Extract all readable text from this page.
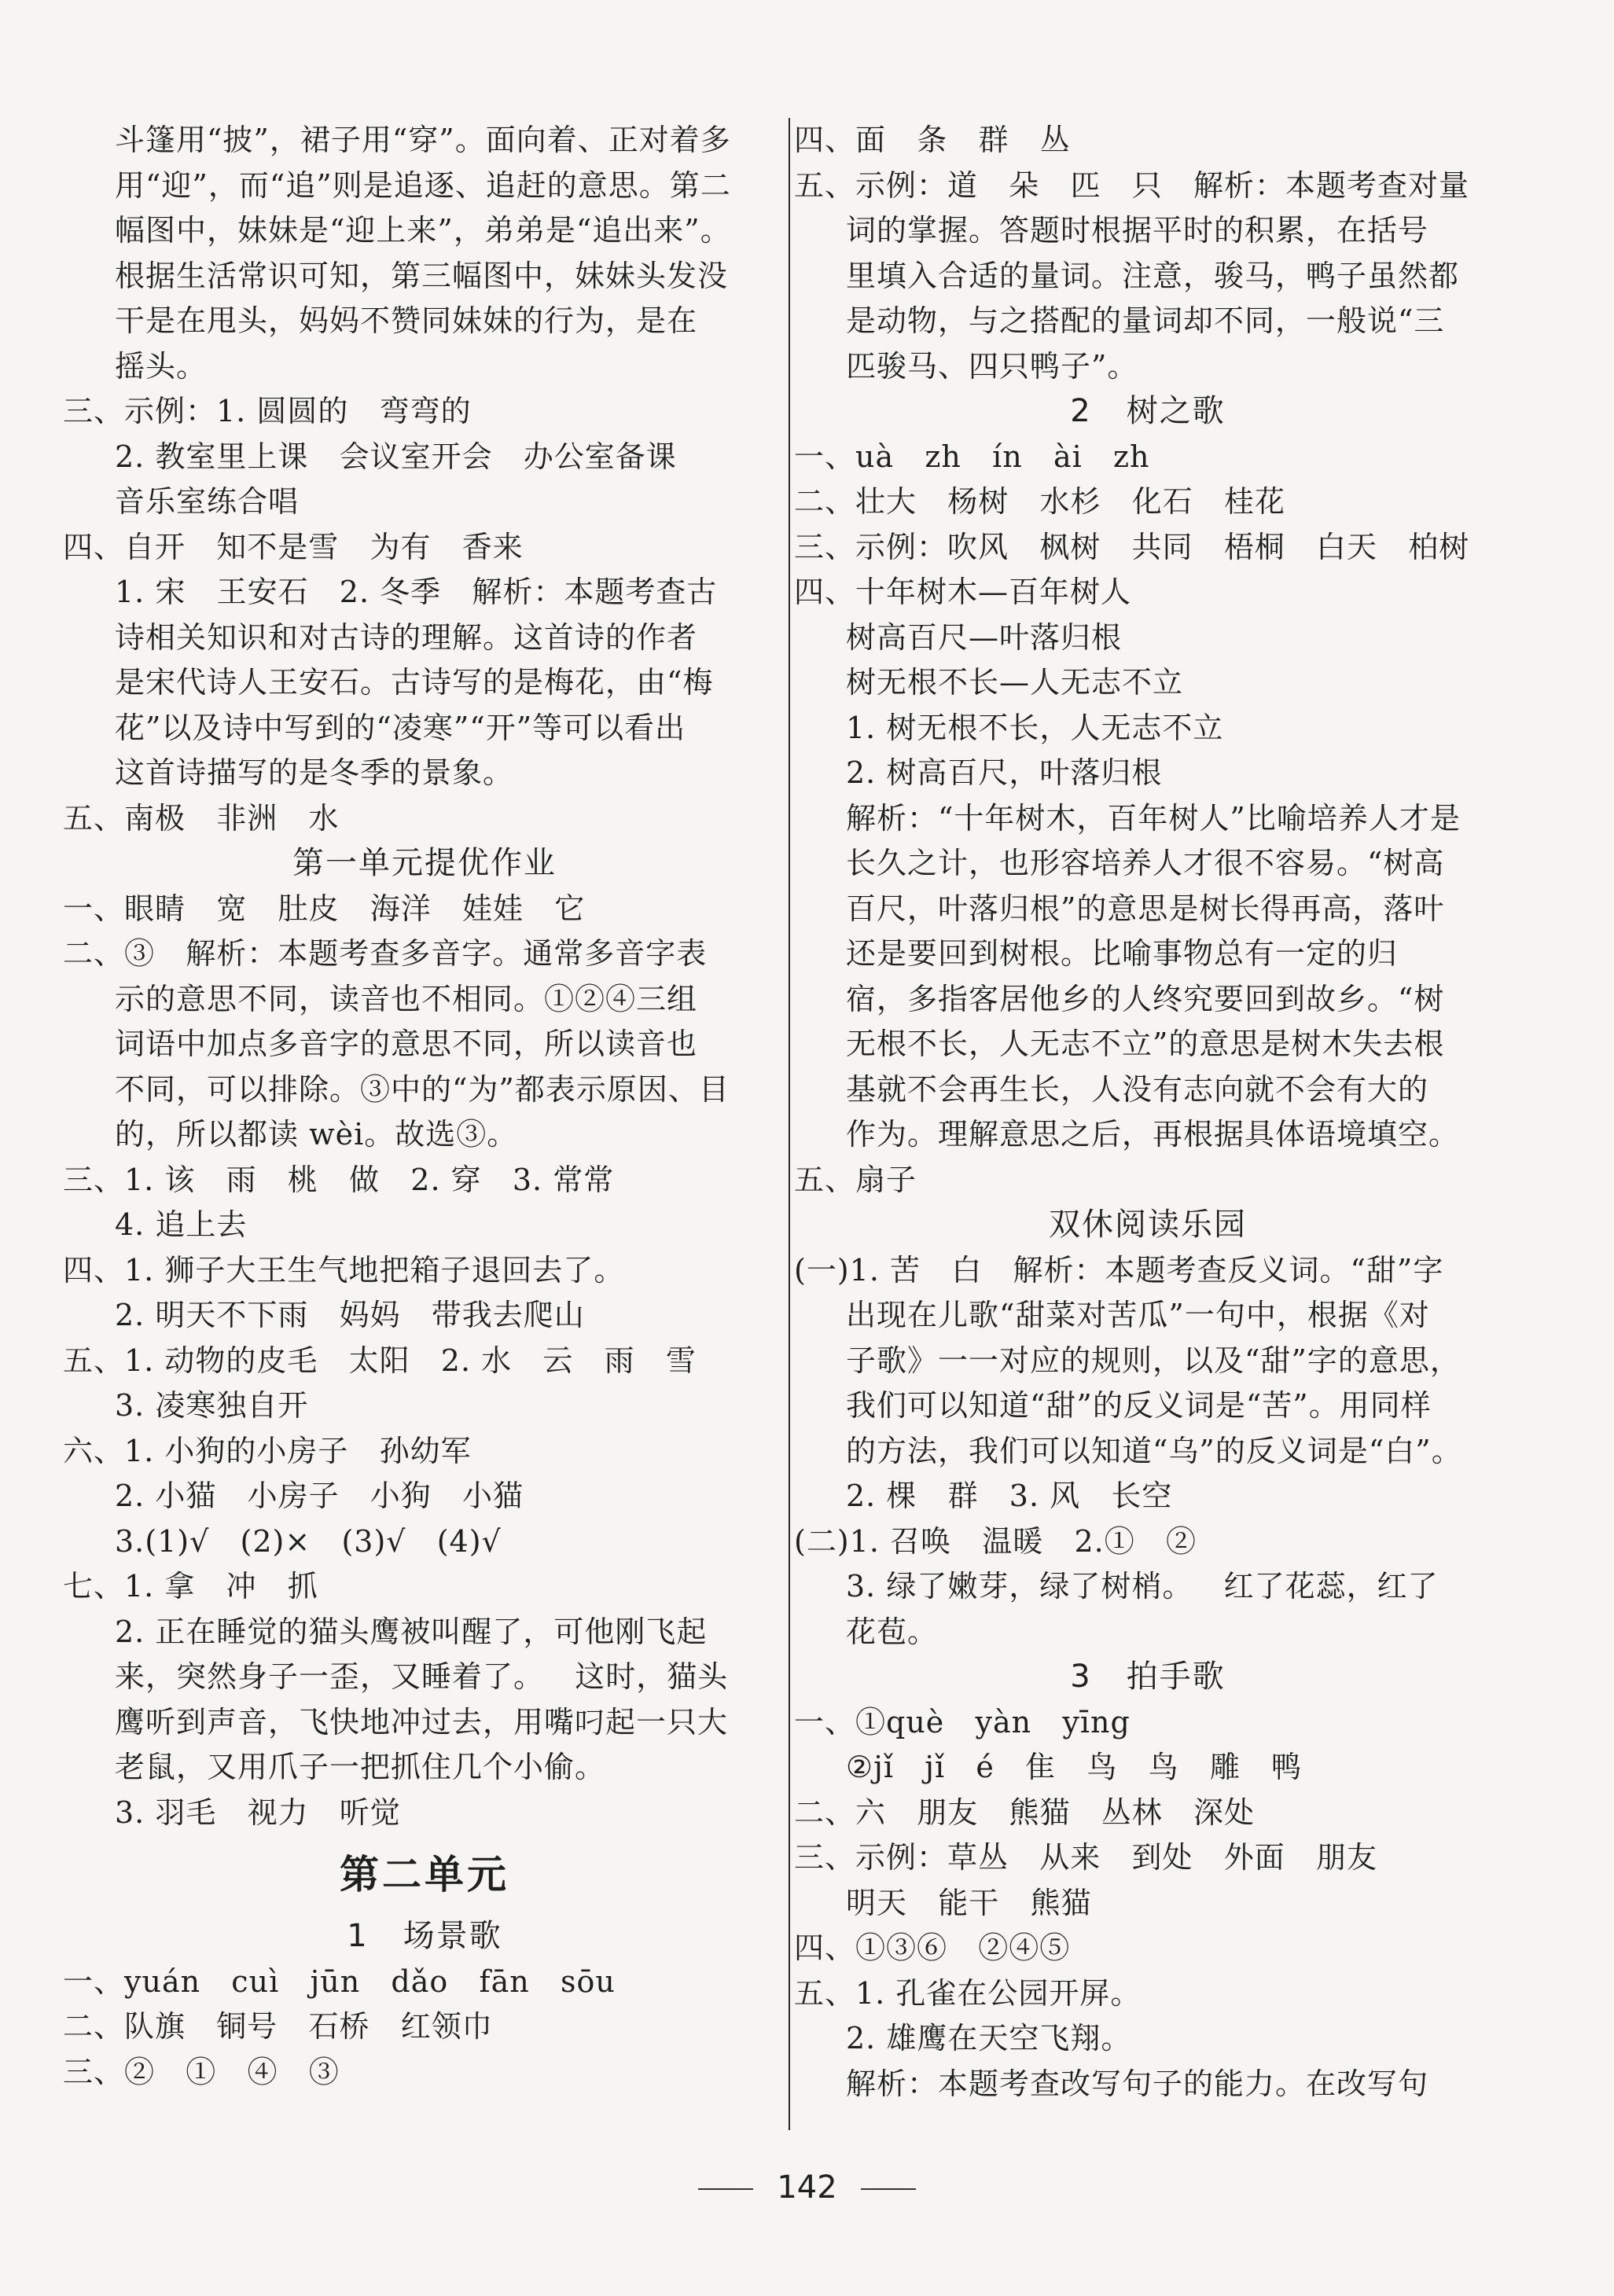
斗篷用“披”，裙子用“穿”。面向着、正对着多
用“迎”，而“追”则是追逐、追赶的意思。第二
幅图中，妹妹是“迎上来”，弟弟是“追出来”。
根据生活常识可知，第三幅图中，妹妹头发没
干是在甩头，妈妈不赞同妹妹的行为，是在
摇头。
三、示例：1. 圆圆的   弯弯的
2. 教室里上课   会议室开会   办公室备课
音乐室练合唱
四、自开   知不是雪   为有   香来
1. 宋   王安石   2. 冬季   解析：本题考查古
诗相关知识和对古诗的理解。这首诗的作者
是宋代诗人王安石。古诗写的是梅花，由“梅
花”以及诗中写到的“凌寒”“开”等可以看出
这首诗描写的是冬季的景象。
五、南极   非洲   水
第一单元提优作业
一、眼睛   宽   肚皮   海洋   娃娃   它
二、③   解析：本题考查多音字。通常多音字表
示的意思不同，读音也不相同。①②④三组
词语中加点多音字的意思不同，所以读音也
不同，可以排除。③中的“为”都表示原因、目
的，所以都读 wèi。故选③。
三、1. 该   雨   桃   做   2. 穿   3. 常常
4. 追上去
四、1. 狮子大王生气地把箱子退回去了。
2. 明天不下雨   妈妈   带我去爬山
五、1. 动物的皮毛   太阳   2. 水   云   雨   雪
3. 凌寒独自开
六、1. 小狗的小房子   孙幼军
2. 小猫   小房子   小狗   小猫
3.(1)√   (2)×   (3)√   (4)√
七、1. 拿   冲   抓
2. 正在睡觉的猫头鹰被叫醒了，可他刚飞起
来，突然身子一歪，又睡着了。   这时，猫头
鹰听到声音，飞快地冲过去，用嘴叼起一只大
老鼠，又用爪子一把抓住几个小偷。
3. 羽毛   视力   听觉
第二单元
1   场景歌
一、yuán   cuì   jūn   dǎo   fān   sōu
二、队旗   铜号   石桥   红领巾
三、②   ①   ④   ③
四、面   条   群   丛
五、示例：道   朵   匹   只   解析：本题考查对量
词的掌握。答题时根据平时的积累，在括号
里填入合适的量词。注意，骏马，鸭子虽然都
是动物，与之搭配的量词却不同，一般说“三
匹骏马、四只鸭子”。
2   树之歌
一、uà   zh   ín   ài   zh
二、壮大   杨树   水杉   化石   桂花
三、示例：吹风   枫树   共同   梧桐   白天   柏树
四、十年树木—百年树人
树高百尺—叶落归根
树无根不长—人无志不立
1. 树无根不长，人无志不立
2. 树高百尺，叶落归根
解析：“十年树木，百年树人”比喻培养人才是
长久之计，也形容培养人才很不容易。“树高
百尺，叶落归根”的意思是树长得再高，落叶
还是要回到树根。比喻事物总有一定的归
宿，多指客居他乡的人终究要回到故乡。“树
无根不长，人无志不立”的意思是树木失去根
基就不会再生长，人没有志向就不会有大的
作为。理解意思之后，再根据具体语境填空。
五、扇子
双休阅读乐园
(一)1. 苦   白   解析：本题考查反义词。“甜”字
出现在儿歌“甜菜对苦瓜”一句中，根据《对
子歌》一一对应的规则，以及“甜”字的意思，
我们可以知道“甜”的反义词是“苦”。用同样
的方法，我们可以知道“乌”的反义词是“白”。
2. 棵   群   3. 风   长空
(二)1. 召唤   温暖   2.①   ②
3. 绿了嫩芽，绿了树梢。   红了花蕊，红了
花苞。
3   拍手歌
一、①què   yàn   yīng
②jǐ   jǐ   é   隹   鸟   鸟   雕   鸭
二、六   朋友   熊猫   丛林   深处
三、示例：草丛   从来   到处   外面   朋友
明天   能干   熊猫
四、①③⑥   ②④⑤
五、1. 孔雀在公园开屏。
2. 雄鹰在天空飞翔。
解析：本题考查改写句子的能力。在改写句
142
